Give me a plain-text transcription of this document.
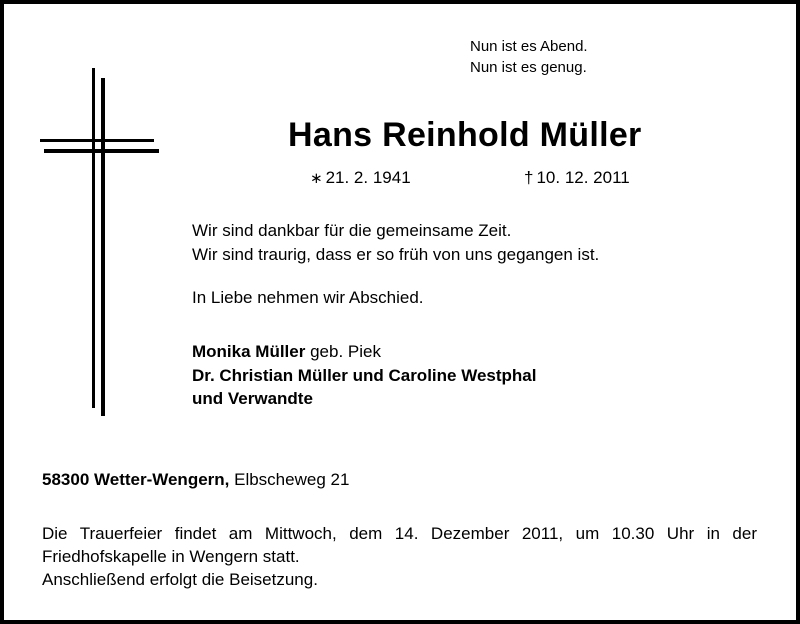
Nun ist es Abend.
Nun ist es genug.
Hans Reinhold Müller
∗ 21. 2. 1941	† 10. 12. 2011
Wir sind dankbar für die gemeinsame Zeit.
Wir sind traurig, dass er so früh von uns gegangen ist.
In Liebe nehmen wir Abschied.
Monika Müller geb. Piek
Dr. Christian Müller und Caroline Westphal
und Verwandte
58300 Wetter-Wengern, Elbscheweg 21
Die Trauerfeier findet am Mittwoch, dem 14. Dezember 2011, um 10.30 Uhr in der
Friedhofskapelle in Wengern statt.
Anschließend erfolgt die Beisetzung.
